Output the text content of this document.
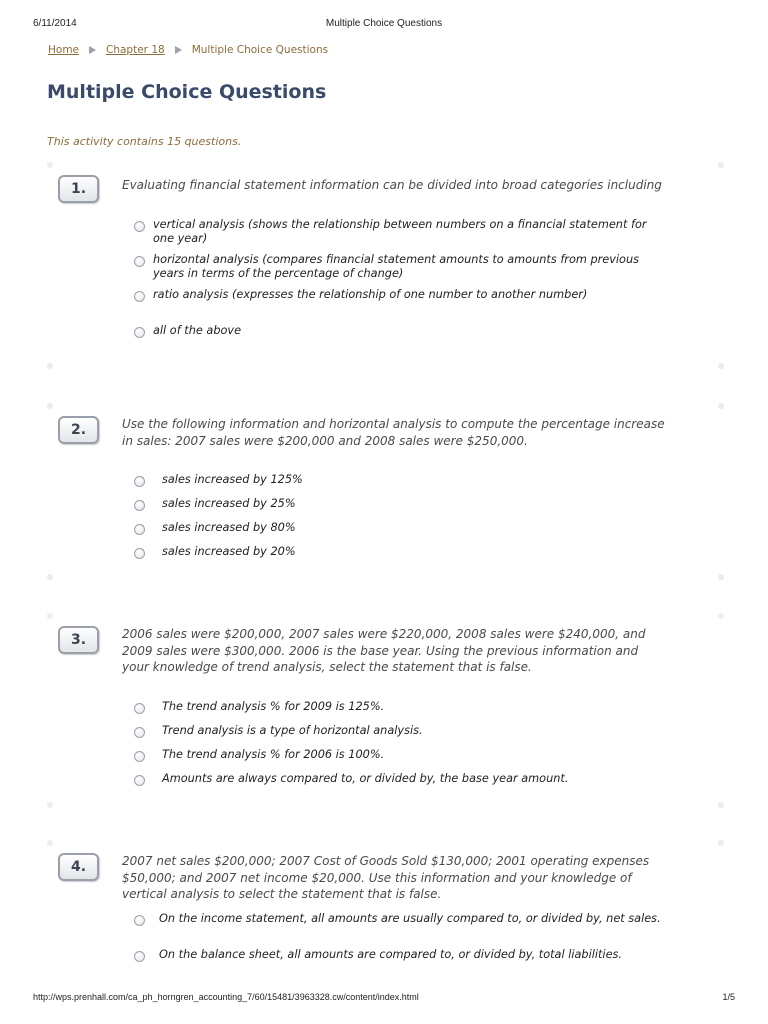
6/11/2014	Multiple Choice Questions
Home	Chapter 18	Multiple Choice Questions
Multiple Choice Questions
This activity contains 15 questions.
1.	Evaluating financial statement information can be divided into broad categories including
vertical analysis (shows the relationship between numbers on a financial statement for one year)
horizontal analysis (compares financial statement amounts to amounts from previous years in terms of the percentage of change)
ratio analysis (expresses the relationship of one number to another number)
all of the above
2.	Use the following information and horizontal analysis to compute the percentage increase in sales: 2007 sales were $200,000 and 2008 sales were $250,000.
sales increased by 125%
sales increased by 25%
sales increased by 80%
sales increased by 20%
3.	2006 sales were $200,000, 2007 sales were $220,000, 2008 sales were $240,000, and 2009 sales were $300,000. 2006 is the base year. Using the previous information and your knowledge of trend analysis, select the statement that is false.
The trend analysis % for 2009 is 125%.
Trend analysis is a type of horizontal analysis.
The trend analysis % for 2006 is 100%.
Amounts are always compared to, or divided by, the base year amount.
4.	2007 net sales $200,000; 2007 Cost of Goods Sold $130,000; 2001 operating expenses $50,000; and 2007 net income $20,000. Use this information and your knowledge of vertical analysis to select the statement that is false.
On the income statement, all amounts are usually compared to, or divided by, net sales.
On the balance sheet, all amounts are compared to, or divided by, total liabilities.
http://wps.prenhall.com/ca_ph_horngren_accounting_7/60/15481/3963328.cw/content/index.html	1/5
